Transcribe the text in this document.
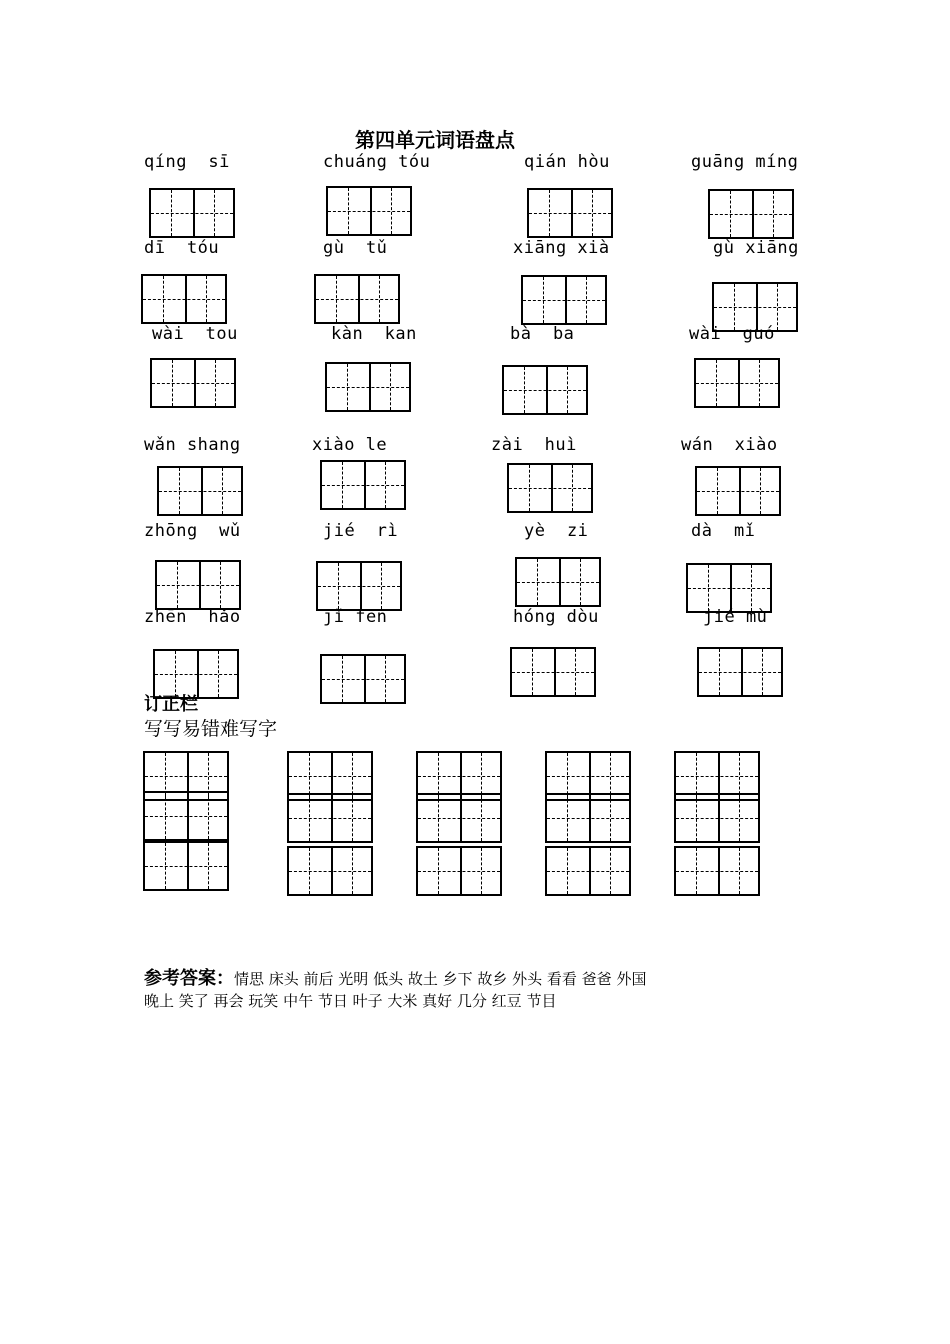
第四单元词语盘点
qíng  sī	chuáng tóu	qián hòu	guāng míng
dī  tóu	gù  tǔ	xiāng xià	gù xiāng
wài  tou	kàn  kan	bà  ba	wài  guó
wǎn shang	xiào le	zài  huì	wán  xiào
zhōng  wǔ	jié  rì	yè  zi	dà  mǐ
zhēn  hǎo	jǐ fēn	hóng dòu	jié mù
订正栏
写写易错难写字
参考答案：情思 床头 前后 光明 低头 故土 乡下 故乡 外头 看看 爸爸 外国
晚上 笑了 再会 玩笑 中午 节日 叶子 大米 真好 几分 红豆 节目
